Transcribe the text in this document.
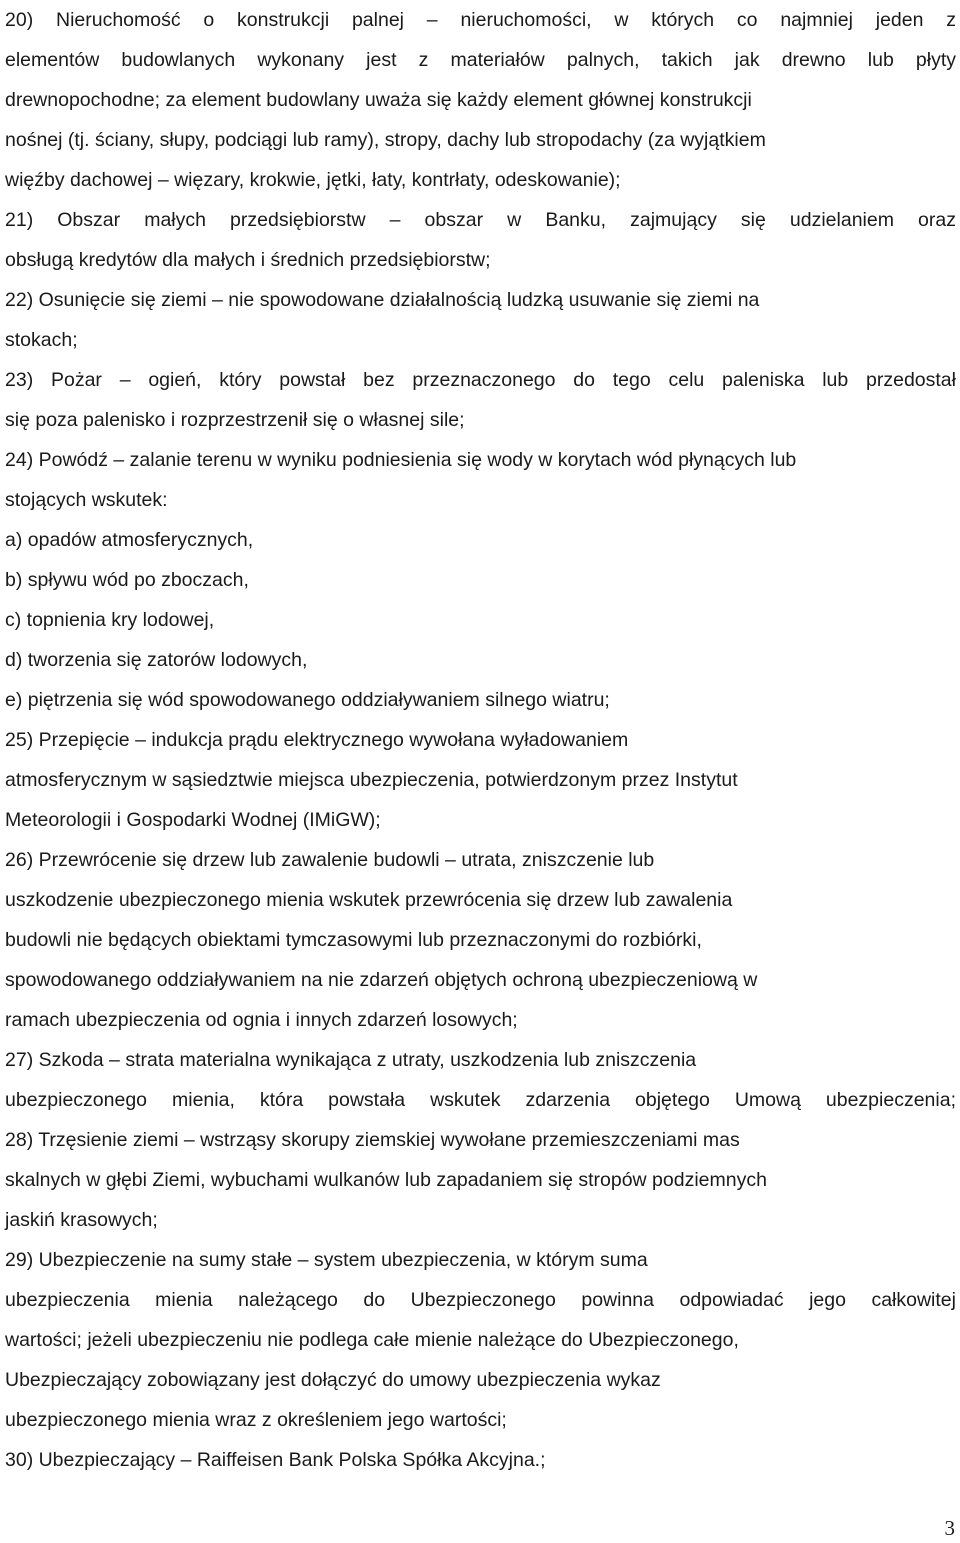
20) Nieruchomość o konstrukcji palnej – nieruchomości, w których co najmniej jeden z
elementów budowlanych wykonany jest z materiałów palnych, takich jak drewno lub płyty
drewnopochodne; za element budowlany uważa się każdy element głównej konstrukcji
nośnej (tj. ściany, słupy, podciągi lub ramy), stropy, dachy lub stropodachy (za wyjątkiem
więźby dachowej – więzary, krokwie, jętki, łaty, kontrłaty, odeskowanie);
21) Obszar małych przedsiębiorstw – obszar w Banku, zajmujący się udzielaniem oraz
obsługą kredytów dla małych i średnich przedsiębiorstw;
22) Osunięcie się ziemi – nie spowodowane działalnością ludzką usuwanie się ziemi na
stokach;
23) Pożar – ogień, który powstał bez przeznaczonego do tego celu paleniska lub przedostał
się poza palenisko i rozprzestrzenił się o własnej sile;
24) Powódź – zalanie terenu w wyniku podniesienia się wody w korytach wód płynących lub
stojących wskutek:
a) opadów atmosferycznych,
b) spływu wód po zboczach,
c) topnienia kry lodowej,
d) tworzenia się zatorów lodowych,
e) piętrzenia się wód spowodowanego oddziaływaniem silnego wiatru;
25) Przepięcie – indukcja prądu elektrycznego wywołana wyładowaniem
atmosferycznym w sąsiedztwie miejsca ubezpieczenia, potwierdzonym przez Instytut
Meteorologii i Gospodarki Wodnej (IMiGW);
26) Przewrócenie się drzew lub zawalenie budowli – utrata, zniszczenie lub
uszkodzenie ubezpieczonego mienia wskutek przewrócenia się drzew lub zawalenia
budowli nie będących obiektami tymczasowymi lub przeznaczonymi do rozbiórki,
spowodowanego oddziaływaniem na nie zdarzeń objętych ochroną ubezpieczeniową w
ramach ubezpieczenia od ognia i innych zdarzeń losowych;
27) Szkoda – strata materialna wynikająca z utraty, uszkodzenia lub zniszczenia
ubezpieczonego mienia, która powstała wskutek zdarzenia objętego Umową ubezpieczenia;
28) Trzęsienie ziemi – wstrząsy skorupy ziemskiej wywołane przemieszczeniami mas
skalnych w głębi Ziemi, wybuchami wulkanów lub zapadaniem się stropów podziemnych
jaskiń krasowych;
29) Ubezpieczenie na sumy stałe – system ubezpieczenia, w którym suma
ubezpieczenia mienia należącego do Ubezpieczonego powinna odpowiadać jego całkowitej
wartości; jeżeli ubezpieczeniu nie podlega całe mienie należące do Ubezpieczonego,
Ubezpieczający zobowiązany jest dołączyć do umowy ubezpieczenia wykaz
ubezpieczonego mienia wraz z określeniem jego wartości;
30) Ubezpieczający – Raiffeisen Bank Polska Spółka Akcyjna.;
3
